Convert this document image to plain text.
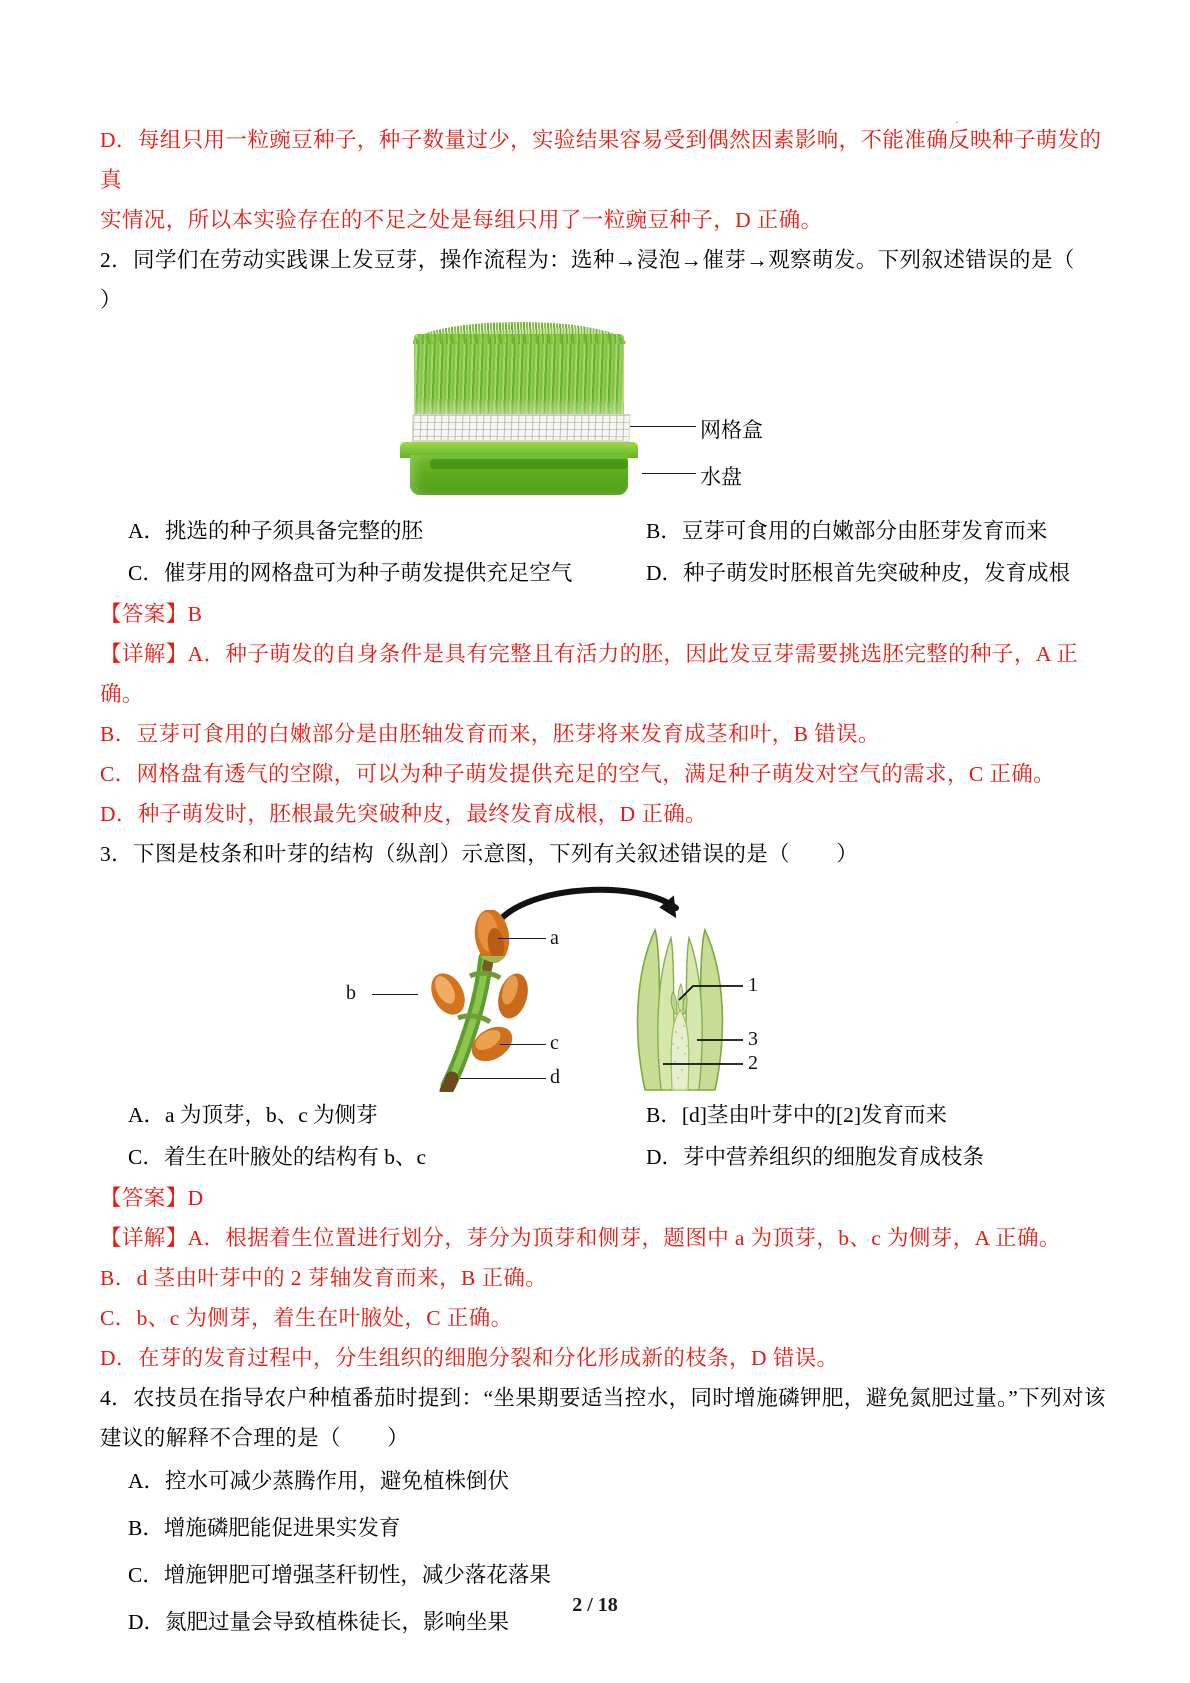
.
D．每组只用一粒豌豆种子，种子数量过少，实验结果容易受到偶然因素影响，不能准确反映种子萌发的真
实情况，所以本实验存在的不足之处是每组只用了一粒豌豆种子，D 正确。
2．同学们在劳动实践课上发豆芽，操作流程为：选种→浸泡→催芽→观察萌发。下列叙述错误的是（        ）
网格盒
水盘
A．挑选的种子须具备完整的胚	B．豆芽可食用的白嫩部分由胚芽发育而来
C．催芽用的网格盘可为种子萌发提供充足空气	D．种子萌发时胚根首先突破种皮，发育成根
【答案】B
【详解】A．种子萌发的自身条件是具有完整且有活力的胚，因此发豆芽需要挑选胚完整的种子，A 正确。
B．豆芽可食用的白嫩部分是由胚轴发育而来，胚芽将来发育成茎和叶，B 错误。
C．网格盘有透气的空隙，可以为种子萌发提供充足的空气，满足种子萌发对空气的需求，C 正确。
D．种子萌发时，胚根最先突破种皮，最终发育成根，D 正确。
3．下图是枝条和叶芽的结构（纵剖）示意图，下列有关叙述错误的是（        ）
a
b
c
d
1
2
3
A．a 为顶芽，b、c 为侧芽	B．[d]茎由叶芽中的[2]发育而来
C．着生在叶腋处的结构有 b、c	D．芽中营养组织的细胞发育成枝条
【答案】D
【详解】A．根据着生位置进行划分，芽分为顶芽和侧芽，题图中 a 为顶芽，b、c 为侧芽，A 正确。
B．d 茎由叶芽中的 2 芽轴发育而来，B 正确。
C．b、c 为侧芽，着生在叶腋处，C 正确。
D．在芽的发育过程中，分生组织的细胞分裂和分化形成新的枝条，D 错误。
4．农技员在指导农户种植番茄时提到：“坐果期要适当控水，同时增施磷钾肥，避免氮肥过量。”下列对该
建议的解释不合理的是（        ）
A．控水可减少蒸腾作用，避免植株倒伏
B．增施磷肥能促进果实发育
C．增施钾肥可增强茎秆韧性，减少落花落果
D．氮肥过量会导致植株徒长，影响坐果
2 / 18
